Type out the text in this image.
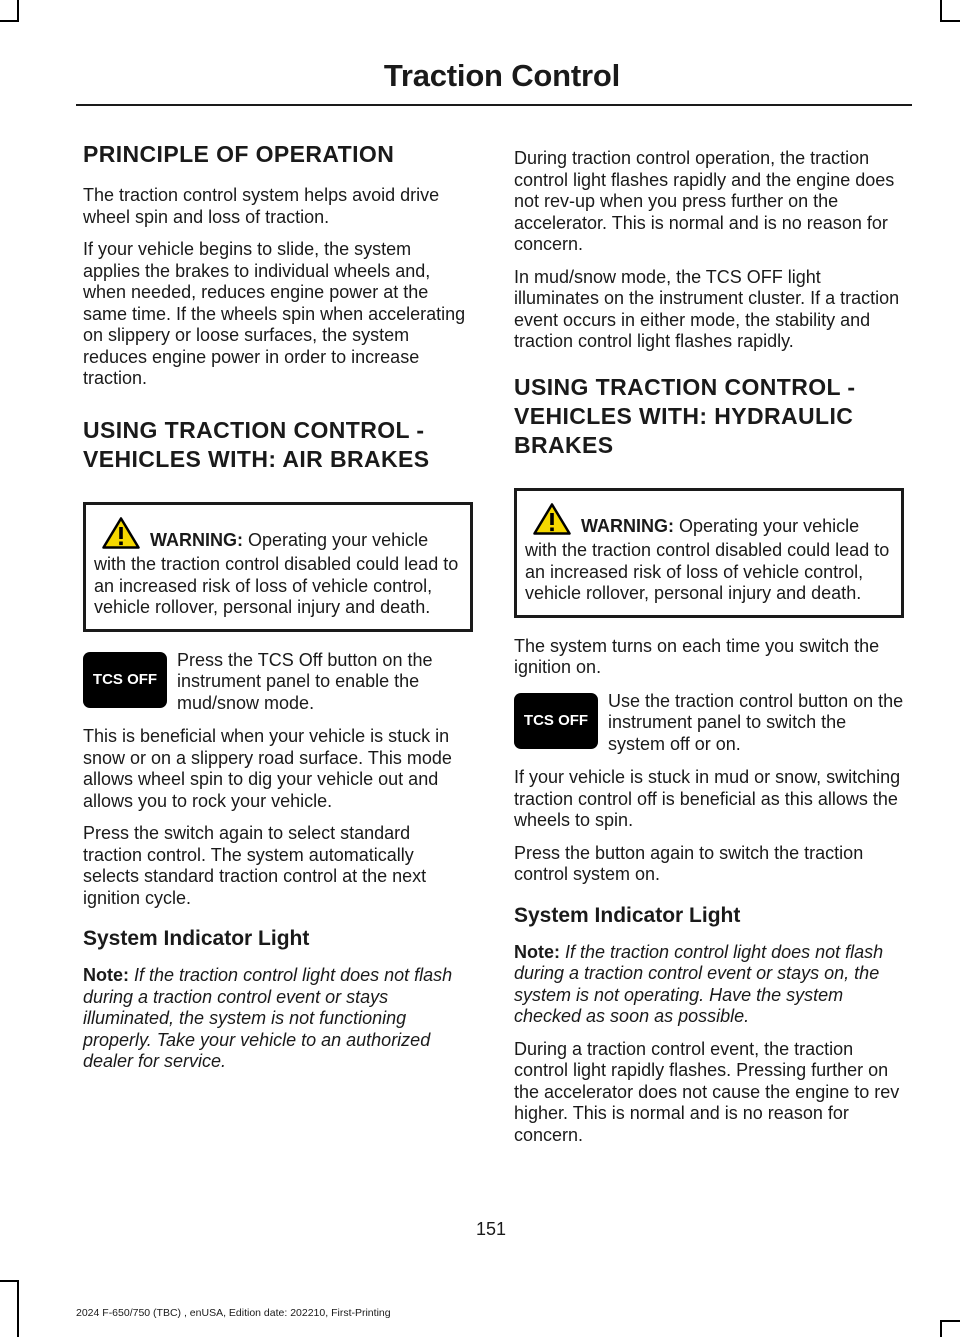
Traction Control
PRINCIPLE OF OPERATION

The traction control system helps avoid drive wheel spin and loss of traction.

If your vehicle begins to slide, the system applies the brakes to individual wheels and, when needed, reduces engine power at the same time. If the wheels spin when accelerating on slippery or loose surfaces, the system reduces engine power in order to increase traction.

USING TRACTION CONTROL -
VEHICLES WITH: AIR BRAKES
WARNING: Operating your vehicle with the traction control disabled could lead to an increased risk of loss of vehicle control, vehicle rollover, personal injury and death.
TCS OFF

Press the TCS Off button on the instrument panel to enable the mud/snow mode.

This is beneficial when your vehicle is stuck in snow or on a slippery road surface. This mode allows wheel spin to dig your vehicle out and allows you to rock your vehicle.

Press the switch again to select standard traction control. The system automatically selects standard traction control at the next ignition cycle.

System Indicator Light

Note: If the traction control light does not flash during a traction control event or stays illuminated, the system is not functioning properly. Take your vehicle to an authorized dealer for service.

During traction control operation, the traction control light flashes rapidly and the engine does not rev-up when you press further on the accelerator. This is normal and is no reason for concern.

In mud/snow mode, the TCS OFF light illuminates on the instrument cluster. If a traction event occurs in either mode, the stability and traction control light flashes rapidly.

USING TRACTION CONTROL -
VEHICLES WITH: HYDRAULIC
BRAKES
WARNING: Operating your vehicle with the traction control disabled could lead to an increased risk of loss of vehicle control, vehicle rollover, personal injury and death.

The system turns on each time you switch the ignition on.

TCS OFF

Use the traction control button on the instrument panel to switch the system off or on.

If your vehicle is stuck in mud or snow, switching traction control off is beneficial as this allows the wheels to spin.

Press the button again to switch the traction control system on.

System Indicator Light

Note: If the traction control light does not flash during a traction control event or stays on, the system is not operating. Have the system checked as soon as possible.

During a traction control event, the traction control light rapidly flashes. Pressing further on the accelerator does not cause the engine to rev higher. This is normal and is no reason for concern.

151

2024 F-650/750 (TBC) , enUSA, Edition date: 202210, First-Printing
